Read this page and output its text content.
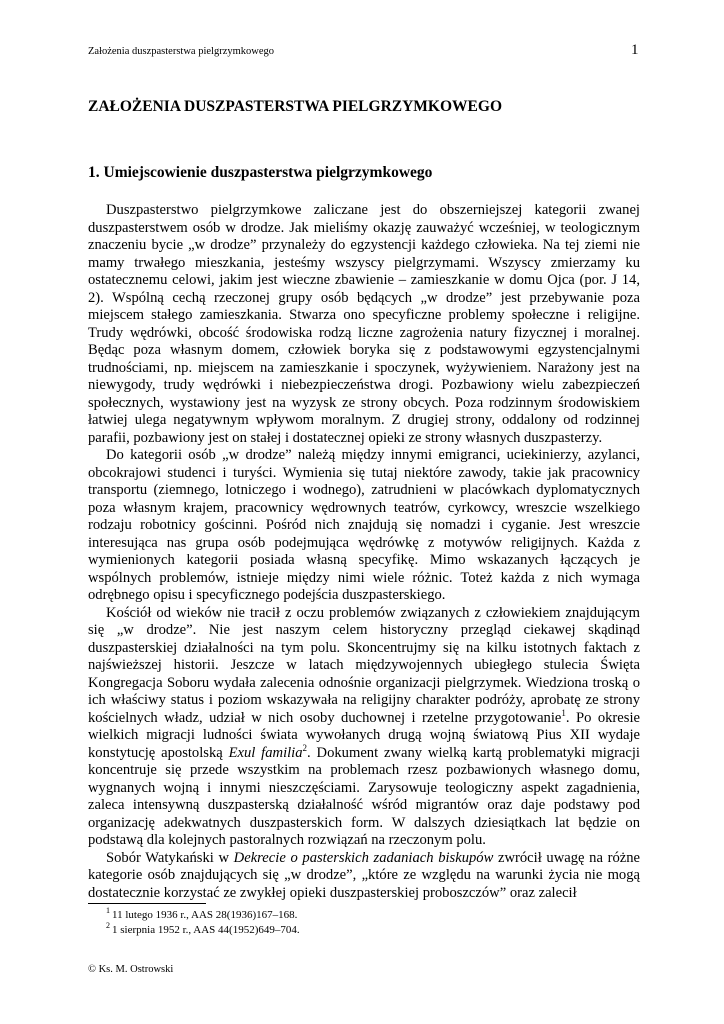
Założenia duszpasterstwa pielgrzymkowego	1
ZAŁOŻENIA DUSZPASTERSTWA PIELGRZYMKOWEGO
1. Umiejscowienie duszpasterstwa pielgrzymkowego

Duszpasterstwo pielgrzymkowe zaliczane jest do obszerniejszej kategorii zwanej duszpasterstwem osób w drodze. Jak mieliśmy okazję zauważyć wcześniej, w teologicznym znaczeniu bycie „w drodze” przynależy do egzystencji każdego człowieka. Na tej ziemi nie mamy trwałego mieszkania, jesteśmy wszyscy pielgrzymami. Wszyscy zmierzamy ku ostatecznemu celowi, jakim jest wieczne zbawienie – zamieszkanie w domu Ojca (por. J 14, 2). Wspólną cechą rzeczonej grupy osób będących „w drodze” jest przebywanie poza miejscem stałego zamieszkania. Stwarza ono specyficzne problemy społeczne i religijne. Trudy wędrówki, obcość środowiska rodzą liczne zagrożenia natury fizycznej i moralnej. Będąc poza własnym domem, człowiek boryka się z podstawowymi egzystencjalnymi trudnościami, np. miejscem na zamieszkanie i spoczynek, wyżywieniem. Narażony jest na niewygody, trudy wędrówki i niebezpieczeństwa drogi. Pozbawiony wielu zabezpieczeń społecznych, wystawiony jest na wyzysk ze strony obcych. Poza rodzinnym środowiskiem łatwiej ulega negatywnym wpływom moralnym. Z drugiej strony, oddalony od rodzinnej parafii, pozbawiony jest on stałej i dostatecznej opieki ze strony własnych duszpasterzy.

Do kategorii osób „w drodze” należą między innymi emigranci, uciekinierzy, azylanci, obcokrajowi studenci i turyści. Wymienia się tutaj niektóre zawody, takie jak pracownicy transportu (ziemnego, lotniczego i wodnego), zatrudnieni w placówkach dyplomatycznych poza własnym krajem, pracownicy wędrownych teatrów, cyrkowcy, wreszcie wszelkiego rodzaju robotnicy gościnni. Pośród nich znajdują się nomadzi i cyganie. Jest wreszcie interesująca nas grupa osób podejmująca wędrówkę z motywów religijnych. Każda z wymienionych kategorii posiada własną specyfikę. Mimo wskazanych łączących je wspólnych problemów, istnieje między nimi wiele różnic. Toteż każda z nich wymaga odrębnego opisu i specyficznego podejścia duszpasterskiego.

Kościół od wieków nie tracił z oczu problemów związanych z człowiekiem znajdującym się „w drodze”. Nie jest naszym celem historyczny przegląd ciekawej skądinąd duszpasterskiej działalności na tym polu. Skoncentrujmy się na kilku istotnych faktach z najświeższej historii. Jeszcze w latach międzywojennych ubiegłego stulecia Święta Kongregacja Soboru wydała zalecenia odnośnie organizacji pielgrzymek. Wiedziona troską o ich właściwy status i poziom wskazywała na religijny charakter podróży, aprobatę ze strony kościelnych władz, udział w nich osoby duchownej i rzetelne przygotowanie$^1$. Po okresie wielkich migracji ludności świata wywołanych drugą wojną światową Pius XII wydaje konstytucję apostolską Exul familia$^2$. Dokument zwany wielką kartą problematyki migracji koncentruje się przede wszystkim na problemach rzesz pozbawionych własnego domu, wygnanych wojną i innymi nieszczęściami. Zarysowuje teologiczny aspekt zagadnienia, zaleca intensywną duszpasterską działalność wśród migrantów oraz daje podstawy pod organizację adekwatnych duszpasterskich form. W dalszych dziesiątkach lat będzie on podstawą dla kolejnych pastoralnych rozwiązań na rzeczonym polu.

Sobór Watykański w Dekrecie o pasterskich zadaniach biskupów zwrócił uwagę na różne kategorie osób znajdujących się „w drodze”, „które ze względu na warunki życia nie mogą dostatecznie korzystać ze zwykłej opieki duszpasterskiej proboszczów” oraz zalecił

$^1$ 11 lutego 1936 r., AAS 28(1936)167–168.

$^2$ 1 sierpnia 1952 r., AAS 44(1952)649–704.

© Ks. M. Ostrowski
